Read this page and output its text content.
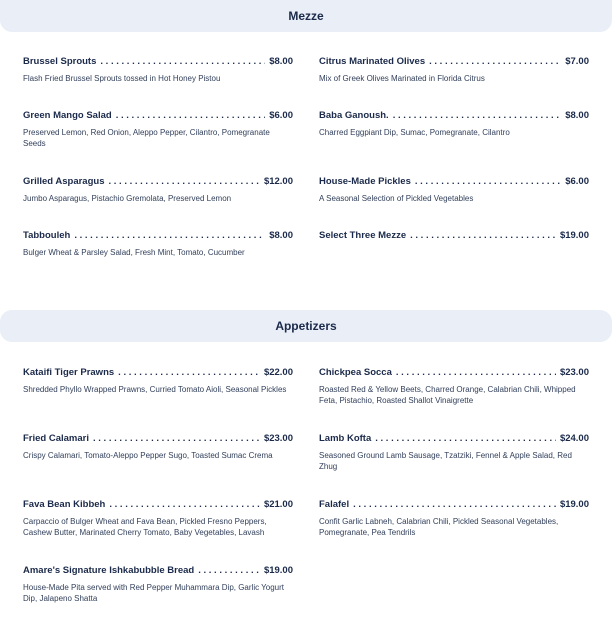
Mezze
Brussel Sprouts . . .	$8.00
Flash Fried Brussel Sprouts tossed in Hot Honey Pistou
Citrus Marinated Olives . . .	$7.00
Mix of Greek Olives Marinated in Florida Citrus
Green Mango Salad . . .	$6.00
Preserved Lemon, Red Onion, Aleppo Pepper, Cilantro, Pomegranate Seeds
Baba Ganoush. . . .	$8.00
Charred Eggpiant Dip, Sumac, Pomegranate, Cilantro
Grilled Asparagus . . .	$12.00
Jumbo Asparagus, Pistachio Gremolata, Preserved Lemon
House-Made Pickles . . .	$6.00
A Seasonal Selection of Pickled Vegetables
Tabbouleh . . .	$8.00
Bulger Wheat & Parsley Salad, Fresh Mint, Tomato, Cucumber
Select Three Mezze . . .	$19.00
Appetizers
Kataifi Tiger Prawns . . .	$22.00
Shredded Phyllo Wrapped Prawns, Curried Tomato Aioli, Seasonal Pickles
Chickpea Socca . . .	$23.00
Roasted Red & Yellow Beets, Charred Orange, Calabrian Chili, Whipped Feta, Pistachio, Roasted Shallot Vinaigrette
Fried Calamari . . .	$23.00
Crispy Calamari, Tomato-Aleppo Pepper Sugo, Toasted Sumac Crema
Lamb Kofta . . .	$24.00
Seasoned Ground Lamb Sausage, Tzatziki, Fennel & Apple Salad, Red Zhug
Fava Bean Kibbeh . . .	$21.00
Carpaccio of Bulger Wheat and Fava Bean, Pickled Fresno Peppers, Cashew Butter, Marinated Cherry Tomato, Baby Vegetables, Lavash
Falafel . . .	$19.00
Confit Garlic Labneh, Calabrian Chili, Pickled Seasonal Vegetables, Pomegranate, Pea Tendrils
Amare's Signature Ishkabubble Bread . . .	$19.00
House-Made Pita served with Red Pepper Muhammara Dip, Garlic Yogurt Dip, Jalapeno Shatta
